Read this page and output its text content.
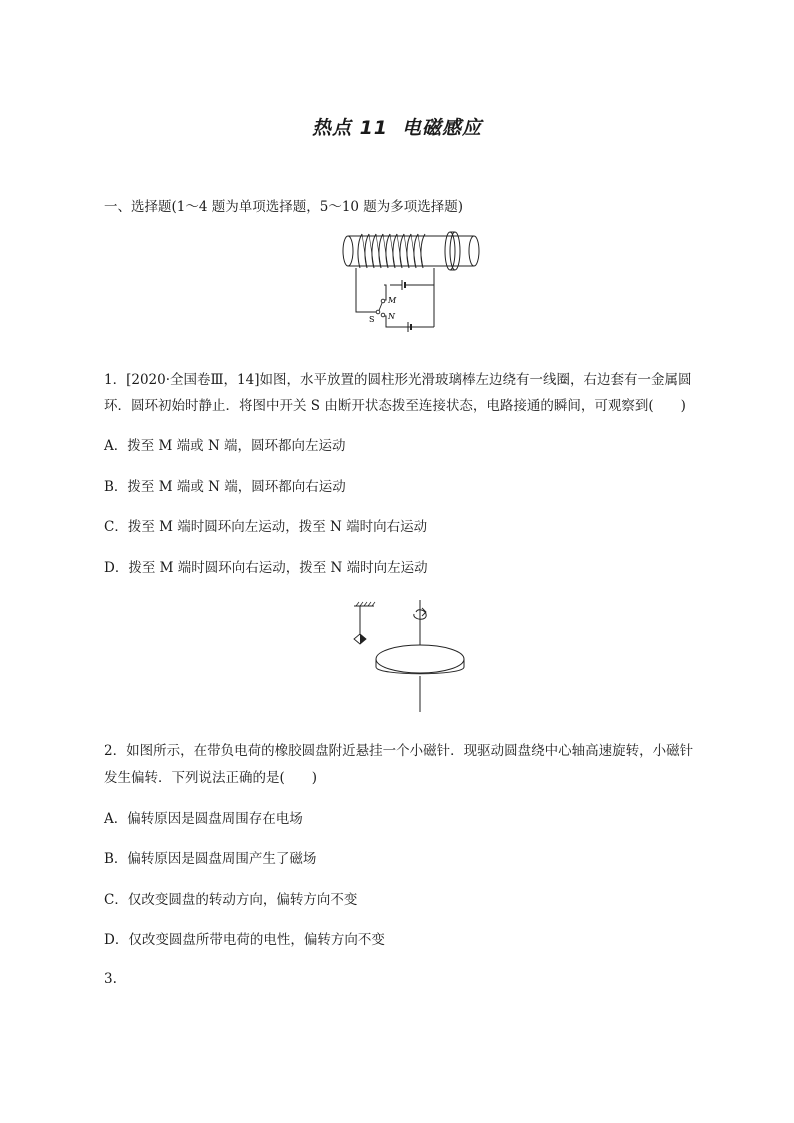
热点 11 电磁感应
一、选择题(1～4 题为单项选择题，5～10 题为多项选择题)
M
N
S
1．[2020·全国卷Ⅲ，14]如图，水平放置的圆柱形光滑玻璃棒左边绕有一线圈，右边套有一金属圆
环．圆环初始时静止．将图中开关 S 由断开状态拨至连接状态，电路接通的瞬间，可观察到(　　)
A．拨至 M 端或 N 端，圆环都向左运动
B．拨至 M 端或 N 端，圆环都向右运动
C．拨至 M 端时圆环向左运动，拨至 N 端时向右运动
D．拨至 M 端时圆环向右运动，拨至 N 端时向左运动
2．如图所示，在带负电荷的橡胶圆盘附近悬挂一个小磁针．现驱动圆盘绕中心轴高速旋转，小磁针
发生偏转．下列说法正确的是(　　)
A．偏转原因是圆盘周围存在电场
B．偏转原因是圆盘周围产生了磁场
C．仅改变圆盘的转动方向，偏转方向不变
D．仅改变圆盘所带电荷的电性，偏转方向不变
3.
